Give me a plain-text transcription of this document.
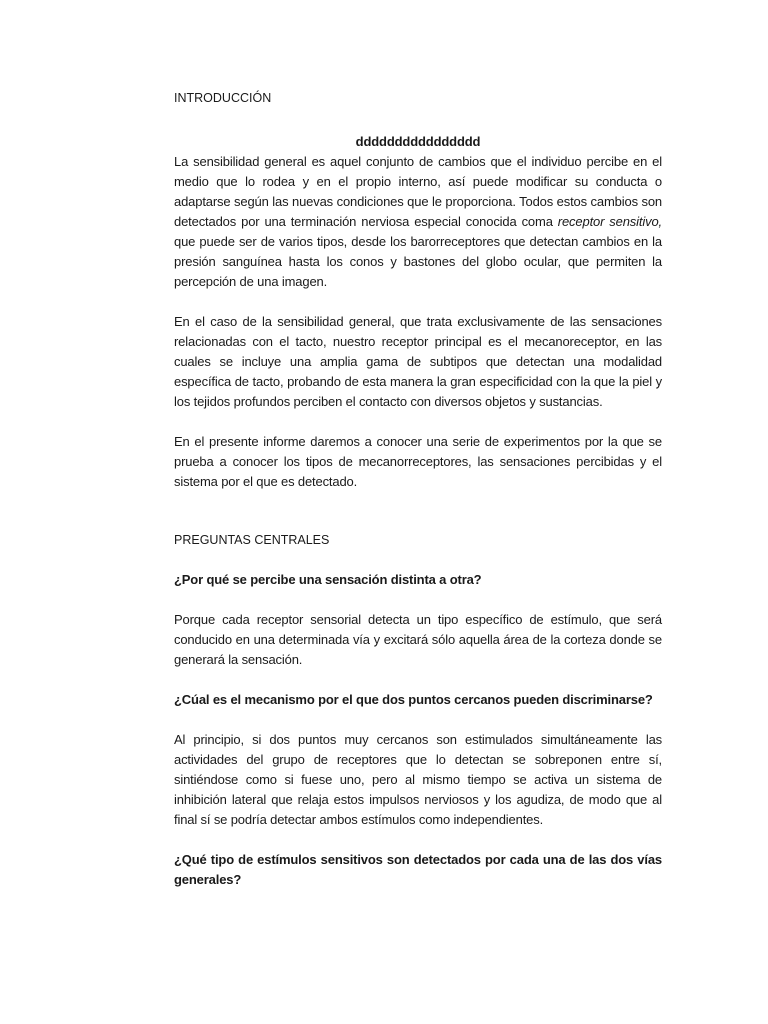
INTRODUCCIÓN

dddddddddddddddd

La sensibilidad general es aquel conjunto de cambios que el individuo percibe en el medio que lo rodea y en el propio interno, así puede modificar su conducta o adaptarse según las nuevas condiciones que le proporciona. Todos estos cambios son detectados por una terminación nerviosa especial conocida coma receptor sensitivo, que puede ser de varios tipos, desde los barorreceptores que detectan cambios en la presión sanguínea hasta los conos y bastones del globo ocular, que permiten la percepción de una imagen.

En el caso de la sensibilidad general, que trata exclusivamente de las sensaciones relacionadas con el tacto, nuestro receptor principal es el mecanoreceptor, en las cuales se incluye una amplia gama de subtipos que detectan una modalidad específica de tacto, probando de esta manera la gran especificidad con la que la piel y los tejidos profundos perciben el contacto con diversos objetos y sustancias.

En el presente informe daremos a conocer una serie de experimentos por la que se prueba a conocer los tipos de mecanorreceptores, las sensaciones percibidas y el sistema por el que es detectado.

PREGUNTAS CENTRALES

¿Por qué se percibe una sensación distinta a otra?

Porque cada receptor sensorial detecta un tipo específico de estímulo, que será conducido en una determinada vía y excitará sólo aquella área de la corteza donde se generará la sensación.

¿Cúal es el mecanismo por el que dos puntos cercanos pueden discriminarse?

Al principio, si dos puntos muy cercanos son estimulados simultáneamente las actividades del grupo de receptores que lo detectan se sobreponen entre sí, sintiéndose como si fuese uno, pero al mismo tiempo se activa un sistema de inhibición lateral que relaja estos impulsos nerviosos y los agudiza, de modo que al final sí se podría detectar ambos estímulos como independientes.

¿Qué tipo de estímulos sensitivos son detectados por cada una de las dos vías generales?
